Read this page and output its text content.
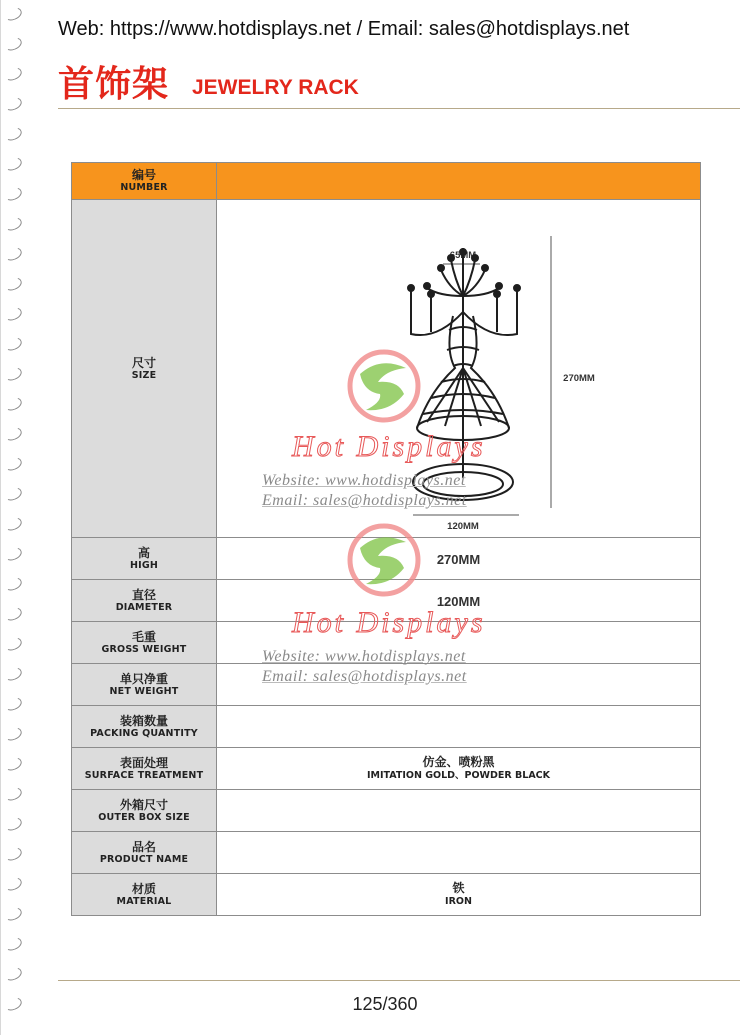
Web: https://www.hotdisplays.net / Email: sales@hotdisplays.net
首饰架 JEWELRY RACK
编号
NUMBER	

尺寸
SIZE	270MM
120MM

高
HIGH	270MM

直径
DIAMETER	120MM

毛重
GROSS WEIGHT	

单只净重
NET WEIGHT	

装箱数量
PACKING QUANTITY	

表面处理
SURFACE TREATMENT	仿金、喷粉黑
IMITATION GOLD、POWDER BLACK

外箱尺寸
OUTER BOX SIZE	

品名
PRODUCT NAME	

材质
MATERIAL	铁
IRON
Hot Displays
Website: www.hotdisplays.net
Email: sales@hotdisplays.net
Hot Displays
Website: www.hotdisplays.net
Email: sales@hotdisplays.net
125/360
